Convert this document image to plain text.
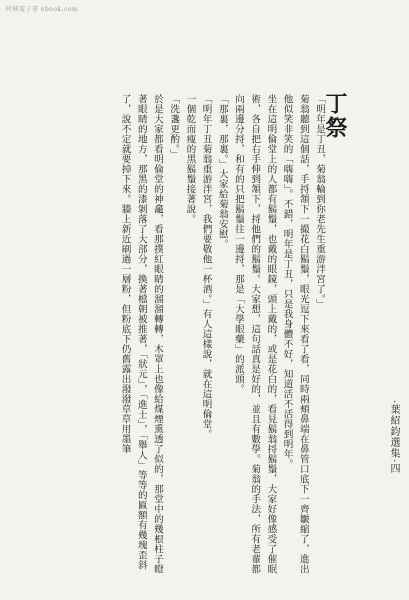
阿城電子書 ebook.com
丁祭

「明年是丁丑，菊翁輪到你老先生重游泮宮了。」

菊翁聽到這個話，手捋頷下一撮花白鬍鬚，眼光逗下來看了看，同時兩頰鼻端在鼻管口底下一齊皺縮了，進出他似笑非笑的「嗨嗨」。不錯，明年是丁丑，只是我身體不好，知道活不活得到明年。

坐在這明倫堂上的人都有鬍鬚，也戴的眼鏡，頭上戴的，或是花白的，看見鬍翁捋鬍鬚，大家好像感受了催眠術，各自把右手伸到頷下，捋他們的鬍鬚。大家想，這句話真是好的，並且有數學。菊翁的手法，所有老輩都向兩邊分捋，和有的只把鬍鬚往一邊捋，那是「大學眼藥」的派頭。

「那裏，那裏。」大家給菊翁安慰。

「明年丁丑菊翁重游泮宮，我們要敬他一杯酒。」有人這樣說，就在這明倫堂。

一個乾而瘦的黑鬍鬚接著說。

「洗盞更酌。」

於是大家都看明倫堂的神龕，看那撲紅眼睛的溜溜轉轉，木罩上也像給煤煙熏透了似的，那堂中的幾根柱子瞪著眼睛的地方，那黑的漆剝落了大部分，換著檔朝被推著，「狀元」，「進士」，「舉人」等等的匾額有幾塊歪斜了，說不定就要掉下來。牆上新近刷過一層粉，但粉底下仍舊露出潑潑草草用墨筆	·葉紹鈞選集·四
